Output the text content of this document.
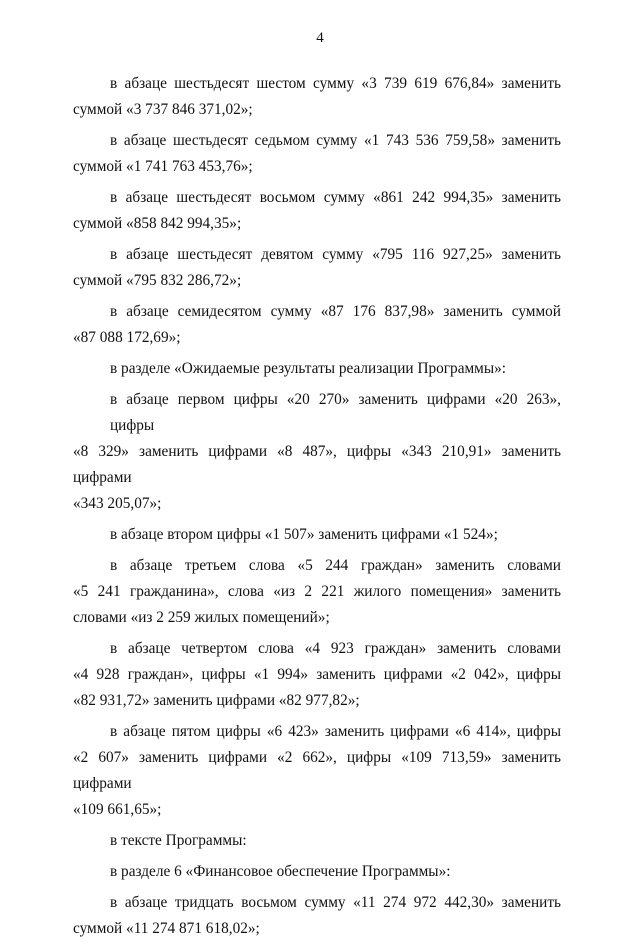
4

в абзаце шестьдесят шестом сумму «3 739 619 676,84» заменить
суммой «3 737 846 371,02»;

в абзаце шестьдесят седьмом сумму «1 743 536 759,58» заменить
суммой «1 741 763 453,76»;

в абзаце шестьдесят восьмом сумму «861 242 994,35» заменить
суммой «858 842 994,35»;

в абзаце шестьдесят девятом сумму «795 116 927,25» заменить
суммой «795 832 286,72»;

в абзаце семидесятом сумму «87 176 837,98» заменить суммой
«87 088 172,69»;

в разделе «Ожидаемые результаты реализации Программы»:

в абзаце первом цифры «20 270» заменить цифрами «20 263», цифры
«8 329» заменить цифрами «8 487», цифры «343 210,91» заменить цифрами
«343 205,07»;

в абзаце втором цифры «1 507» заменить цифрами «1 524»;

в абзаце третьем слова «5 244 граждан» заменить словами
«5 241 гражданина», слова «из 2 221 жилого помещения» заменить
словами «из 2 259 жилых помещений»;

в абзаце четвертом слова «4 923 граждан» заменить словами
«4 928 граждан», цифры «1 994» заменить цифрами «2 042», цифры
«82 931,72» заменить цифрами «82 977,82»;

в абзаце пятом цифры «6 423» заменить цифрами «6 414», цифры
«2 607» заменить цифрами «2 662», цифры «109 713,59» заменить цифрами
«109 661,65»;

в тексте Программы:

в разделе 6 «Финансовое обеспечение Программы»:

в абзаце тридцать восьмом сумму «11 274 972 442,30» заменить
суммой «11 274 871 618,02»;
